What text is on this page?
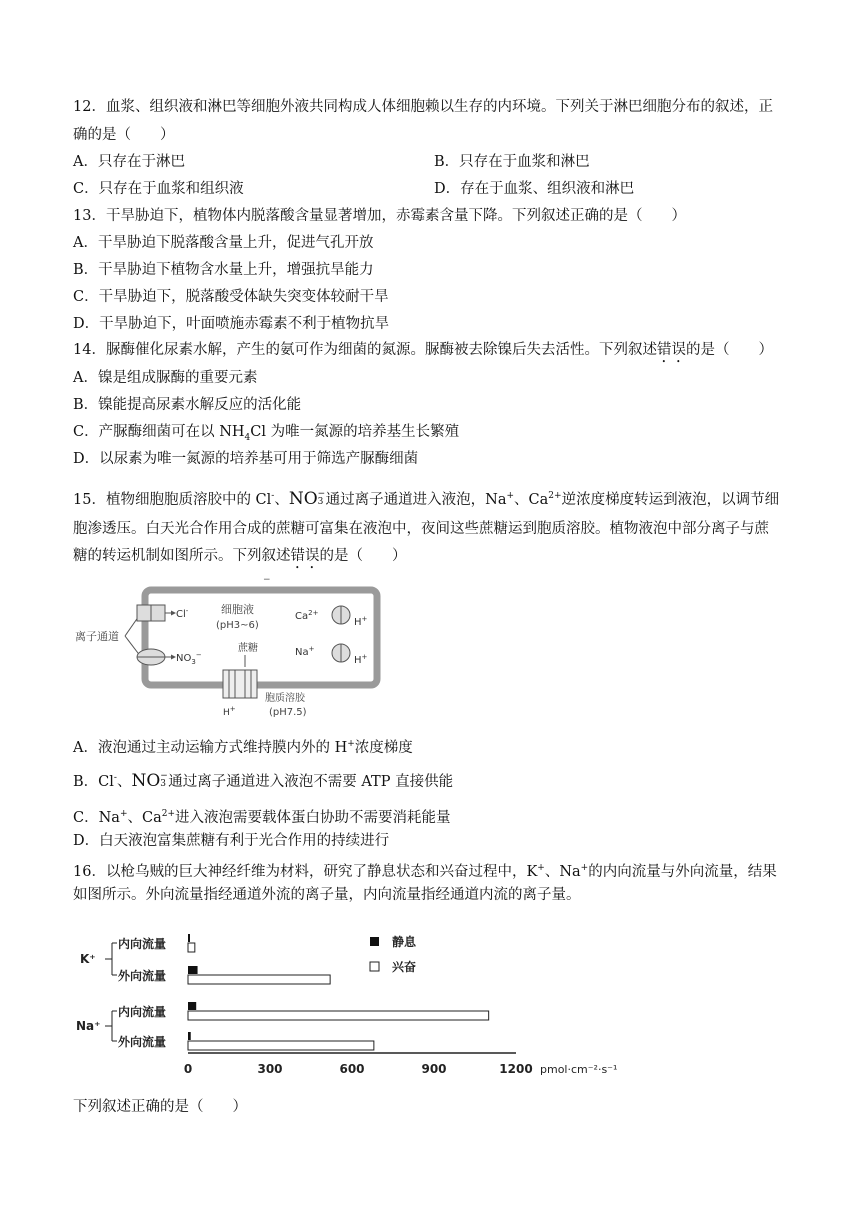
12．血浆、组织液和淋巴等细胞外液共同构成人体细胞赖以生存的内环境。下列关于淋巴细胞分布的叙述，正
确的是（　　）
A．只存在于淋巴	B．只存在于血浆和淋巴
C．只存在于血浆和组织液	D．存在于血浆、组织液和淋巴
13．干旱胁迫下，植物体内脱落酸含量显著增加，赤霉素含量下降。下列叙述正确的是（　　）
A．干旱胁迫下脱落酸含量上升，促进气孔开放
B．干旱胁迫下植物含水量上升，增强抗旱能力
C．干旱胁迫下，脱落酸受体缺失突变体较耐干旱
D．干旱胁迫下，叶面喷施赤霉素不利于植物抗旱
14．脲酶催化尿素水解，产生的氨可作为细菌的氮源。脲酶被去除镍后失去活性。下列叙述错误的是（　　）
A．镍是组成脲酶的重要元素
B．镍能提高尿素水解反应的活化能
C．产脲酶细菌可在以 $NH_4Cl$ 为唯一氮源的培养基生长繁殖
D．以尿素为唯一氮源的培养基可用于筛选产脲酶细菌
15．植物细胞胞质溶胶中的 Cl-、NO −
3 通过离子通道进入液泡，Na+、$Ca^{2+}$逆浓度梯度转运到液泡，以调节细
胞渗透压。白天光合作用合成的蔗糖可富集在液泡中，夜间这些蔗糖运到胞质溶胶。植物液泡中部分离子与蔗
糖的转运机制如图所示。下列叙述错误的是（　　）
−
细胞液
(pH3~6)
离子通道
Cl-
$NO_3^-$
$Ca^{2+}$
H+
Na+
H+
蔗糖
H+
胞质溶胶
(pH7.5)
A．液泡通过主动运输方式维持膜内外的 H+浓度梯度
B．Cl-、NO −
3 通过离子通道进入液泡不需要 ATP 直接供能
C．Na+、$Ca^{2+}$进入液泡需要载体蛋白协助不需要消耗能量
D．白天液泡富集蔗糖有利于光合作用的持续进行
16．以枪乌贼的巨大神经纤维为材料，研究了静息状态和兴奋过程中，K+、Na+的内向流量与外向流量，结果
如图所示。外向流量指经通道外流的离子量，内向流量指经通道内流的离子量。
内向流量
外向流量
内向流量
外向流量
K⁺
Na⁺
0	300	600	900	1200 pmol·cm⁻²·s⁻¹
静息
兴奋
下列叙述正确的是（　　）
